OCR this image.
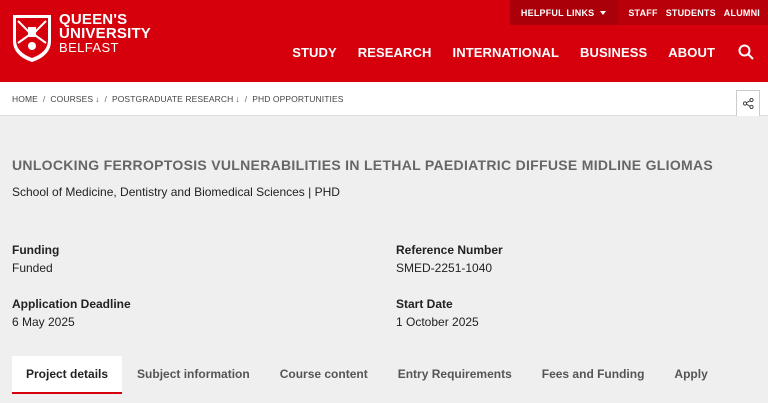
QUEEN'S
UNIVERSITY
BELFAST
HELPFUL LINKS	STAFF STUDENTS ALUMNI
STUDY RESEARCH INTERNATIONAL BUSINESS ABOUT
HOME / COURSES ↓ / POSTGRADUATE RESEARCH ↓ / PHD OPPORTUNITIES
UNLOCKING FERROPTOSIS VULNERABILITIES IN LETHAL PAEDIATRIC DIFFUSE MIDLINE GLIOMAS
School of Medicine, Dentistry and Biomedical Sciences | PHD
Funding
Funded
Reference Number
SMED-2251-1040
Application Deadline
6 May 2025
Start Date
1 October 2025
Project details	Subject information	Course content	Entry Requirements	Fees and Funding	Apply
